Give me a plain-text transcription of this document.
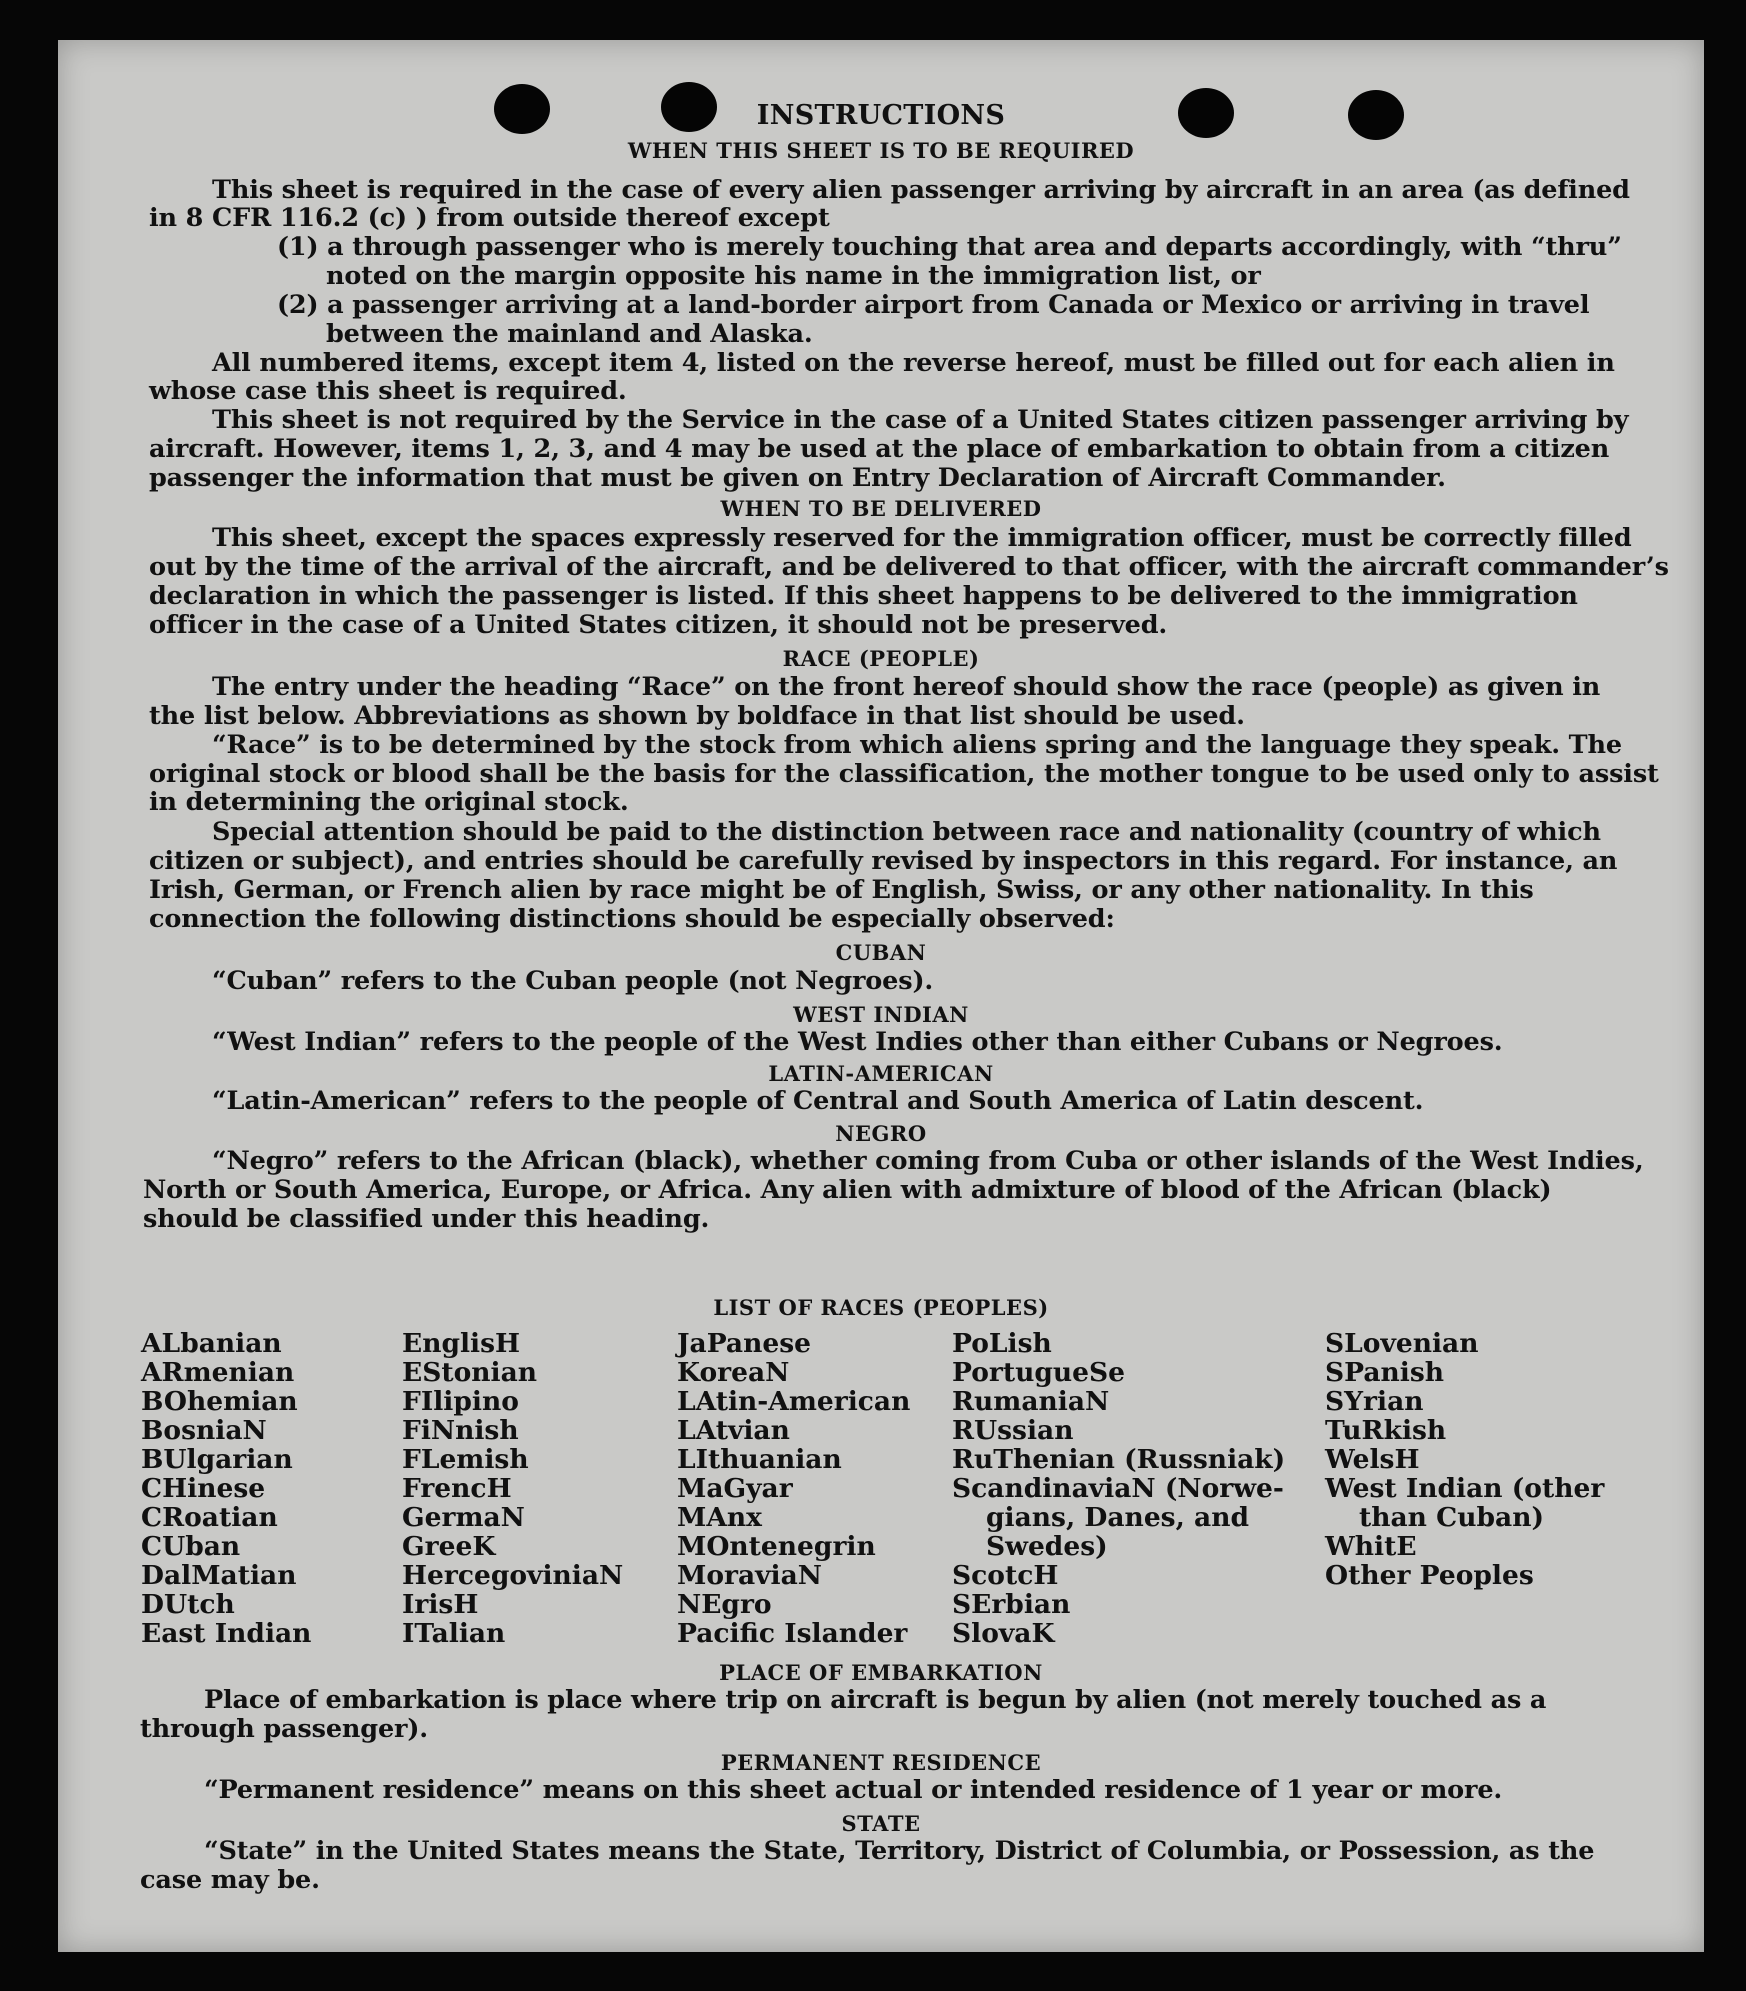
INSTRUCTIONS
WHEN THIS SHEET IS TO BE REQUIRED
This sheet is required in the case of every alien passenger arriving by aircraft in an area (as defined
in 8 CFR 116.2 (c) ) from outside thereof except
(1) a through passenger who is merely touching that area and departs accordingly, with “thru”
noted on the margin opposite his name in the immigration list, or
(2) a passenger arriving at a land-border airport from Canada or Mexico or arriving in travel
between the mainland and Alaska.
All numbered items, except item 4, listed on the reverse hereof, must be filled out for each alien in
whose case this sheet is required.
This sheet is not required by the Service in the case of a United States citizen passenger arriving by
aircraft. However, items 1, 2, 3, and 4 may be used at the place of embarkation to obtain from a citizen
passenger the information that must be given on Entry Declaration of Aircraft Commander.
WHEN TO BE DELIVERED
This sheet, except the spaces expressly reserved for the immigration officer, must be correctly filled
out by the time of the arrival of the aircraft, and be delivered to that officer, with the aircraft commander’s
declaration in which the passenger is listed. If this sheet happens to be delivered to the immigration
officer in the case of a United States citizen, it should not be preserved.
RACE (PEOPLE)
The entry under the heading “Race” on the front hereof should show the race (people) as given in
the list below. Abbreviations as shown by boldface in that list should be used.
“Race” is to be determined by the stock from which aliens spring and the language they speak. The
original stock or blood shall be the basis for the classification, the mother tongue to be used only to assist
in determining the original stock.
Special attention should be paid to the distinction between race and nationality (country of which
citizen or subject), and entries should be carefully revised by inspectors in this regard. For instance, an
Irish, German, or French alien by race might be of English, Swiss, or any other nationality. In this
connection the following distinctions should be especially observed:
CUBAN
“Cuban” refers to the Cuban people (not Negroes).
WEST INDIAN
“West Indian” refers to the people of the West Indies other than either Cubans or Negroes.
LATIN-AMERICAN
“Latin-American” refers to the people of Central and South America of Latin descent.
NEGRO
“Negro” refers to the African (black), whether coming from Cuba or other islands of the West Indies,
North or South America, Europe, or Africa. Any alien with admixture of blood of the African (black)
should be classified under this heading.
LIST OF RACES (PEOPLES)
ALbanian
ARmenian
BOhemian
BosniaN
BUlgarian
CHinese
CRoatian
CUban
DalMatian
DUtch
East Indian
EnglisH
EStonian
FIlipino
FiNnish
FLemish
FrencH
GermaN
GreeK
HercegoviniaN
IrisH
ITalian
JaPanese
KoreaN
LAtin-American
LAtvian
LIthuanian
MaGyar
MAnx
MOntenegrin
MoraviaN
NEgro
Pacific Islander
PoLish
PortugueSe
RumaniaN
RUssian
RuThenian (Russniak)
ScandinaviaN (Norwe-
gians, Danes, and
Swedes)
ScotcH
SErbian
SlovaK
SLovenian
SPanish
SYrian
TuRkish
WelsH
West Indian (other
than Cuban)
WhitE
Other Peoples
PLACE OF EMBARKATION
Place of embarkation is place where trip on aircraft is begun by alien (not merely touched as a
through passenger).
PERMANENT RESIDENCE
“Permanent residence” means on this sheet actual or intended residence of 1 year or more.
STATE
“State” in the United States means the State, Territory, District of Columbia, or Possession, as the
case may be.
